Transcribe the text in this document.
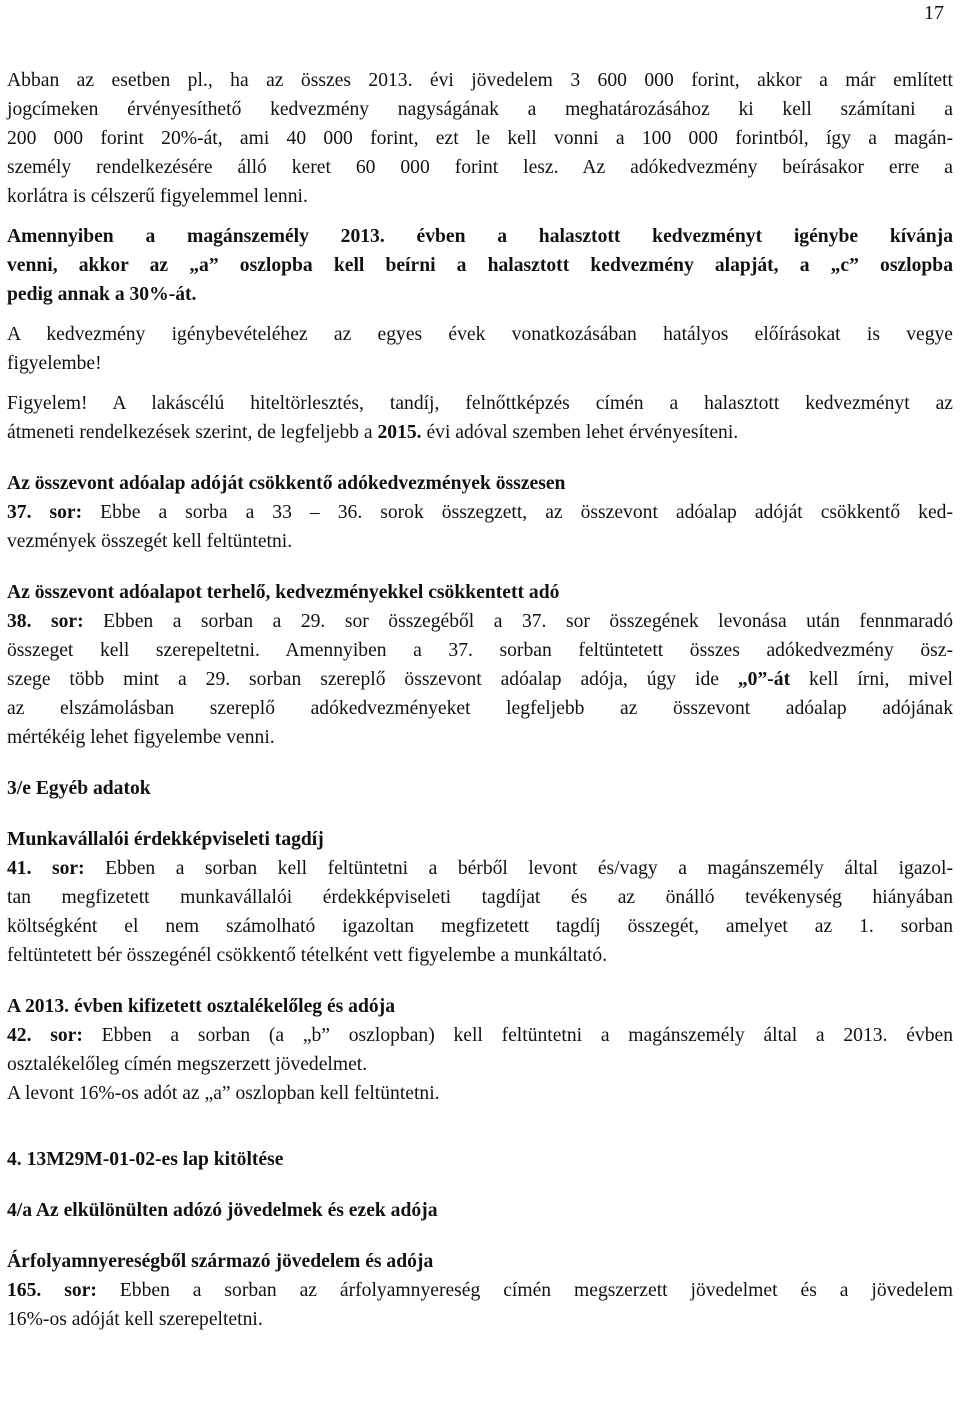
17
Abban az esetben pl., ha az összes 2013. évi jövedelem 3 600 000 forint, akkor a már említett
jogcímeken érvényesíthető kedvezmény nagyságának a meghatározásához ki kell számítani a
200 000 forint 20%-át, ami 40 000 forint, ezt le kell vonni a 100 000 forintból, így a magán-
személy rendelkezésére álló keret 60 000 forint lesz. Az adókedvezmény beírásakor erre a
korlátra is célszerű figyelemmel lenni.
Amennyiben a magánszemély 2013. évben a halasztott kedvezményt igénybe kívánja
venni, akkor az „a” oszlopba kell beírni a halasztott kedvezmény alapját, a „c” oszlopba
pedig annak a 30%-át.
A kedvezmény igénybevételéhez az egyes évek vonatkozásában hatályos előírásokat is vegye
figyelembe!
Figyelem! A lakáscélú hiteltörlesztés, tandíj, felnőttképzés címén a halasztott kedvezményt az
átmeneti rendelkezések szerint, de legfeljebb a 2015. évi adóval szemben lehet érvényesíteni.
Az összevont adóalap adóját csökkentő adókedvezmények összesen
37. sor: Ebbe a sorba a 33 – 36. sorok összegzett, az összevont adóalap adóját csökkentő ked-
vezmények összegét kell feltüntetni.
Az összevont adóalapot terhelő, kedvezményekkel csökkentett adó
38. sor: Ebben a sorban a 29. sor összegéből a 37. sor összegének levonása után fennmaradó
összeget kell szerepeltetni. Amennyiben a 37. sorban feltüntetett összes adókedvezmény ösz-
szege több mint a 29. sorban szereplő összevont adóalap adója, úgy ide „0”-át kell írni, mivel
az elszámolásban szereplő adókedvezményeket legfeljebb az összevont adóalap adójának
mértékéig lehet figyelembe venni.
3/e Egyéb adatok
Munkavállalói érdekképviseleti tagdíj
41. sor: Ebben a sorban kell feltüntetni a bérből levont és/vagy a magánszemély által igazol-
tan megfizetett munkavállalói érdekképviseleti tagdíjat és az önálló tevékenység hiányában
költségként el nem számolható igazoltan megfizetett tagdíj összegét, amelyet az 1. sorban
feltüntetett bér összegénél csökkentő tételként vett figyelembe a munkáltató.
A 2013. évben kifizetett osztalékelőleg és adója
42. sor: Ebben a sorban (a „b” oszlopban) kell feltüntetni a magánszemély által a 2013. évben
osztalékelőleg címén megszerzett jövedelmet.
A levont 16%-os adót az „a” oszlopban kell feltüntetni.
4. 13M29M-01-02-es lap kitöltése
4/a Az elkülönülten adózó jövedelmek és ezek adója
Árfolyamnyereségből származó jövedelem és adója
165. sor: Ebben a sorban az árfolyamnyereség címén megszerzett jövedelmet és a jövedelem
16%-os adóját kell szerepeltetni.
